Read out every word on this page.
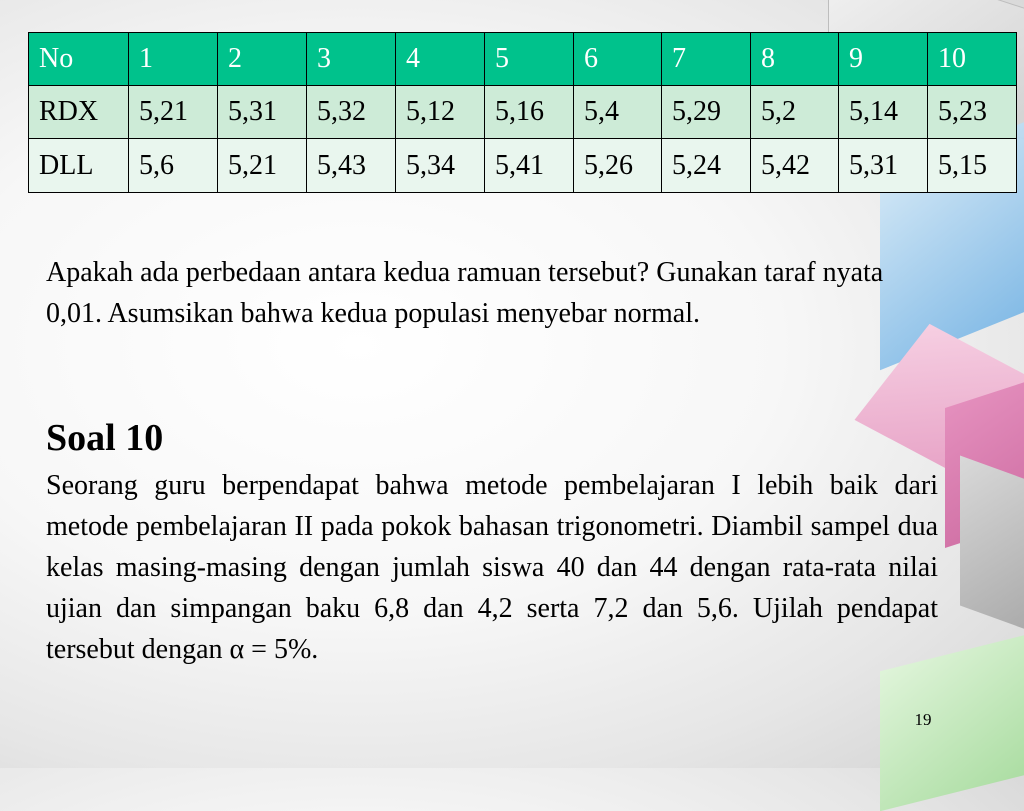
No	1	2	3	4	5	6	7	8	9	10
RDX	5,21	5,31	5,32	5,12	5,16	5,4	5,29	5,2	5,14	5,23
DLL	5,6	5,21	5,43	5,34	5,41	5,26	5,24	5,42	5,31	5,15
Apakah ada perbedaan antara kedua ramuan tersebut? Gunakan taraf nyata 0,01. Asumsikan bahwa kedua populasi menyebar normal.
Soal 10
Seorang guru berpendapat bahwa metode pembelajaran I lebih baik dari metode pembelajaran II pada pokok bahasan trigonometri. Diambil sampel dua kelas masing-masing dengan jumlah siswa 40 dan 44 dengan rata-rata nilai ujian dan simpangan baku 6,8 dan 4,2 serta 7,2 dan 5,6. Ujilah pendapat tersebut dengan α = 5%.
19
